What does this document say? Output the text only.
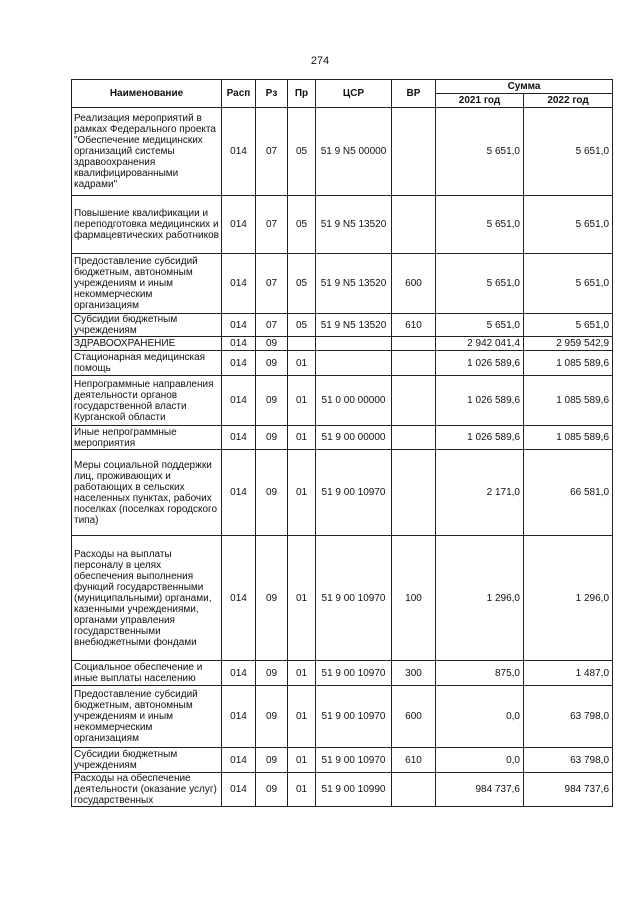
274
Наименование	Расп	Рз	Пр	ЦСР	ВР	Сумма	
						2021 год	2022 год
Реализация мероприятий в рамках Федерального проекта "Обеспечение медицинских организаций системы здравоохранения квалифицированными кадрами"	014	07	05	51 9 N5 00000		5 651,0	5 651,0
Повышение квалификации и переподготовка медицинских и фармацевтических работников	014	07	05	51 9 N5 13520		5 651,0	5 651,0
Предоставление субсидий бюджетным, автономным учреждениям и иным некоммерческим организациям	014	07	05	51 9 N5 13520	600	5 651,0	5 651,0
Субсидии бюджетным учреждениям	014	07	05	51 9 N5 13520	610	5 651,0	5 651,0
ЗДРАВООХРАНЕНИЕ	014	09				2 942 041,4	2 959 542,9
Стационарная медицинская помощь	014	09	01			1 026 589,6	1 085 589,6
Непрограммные направления деятельности органов государственной власти Курганской области	014	09	01	51 0 00 00000		1 026 589,6	1 085 589,6
Иные непрограммные мероприятия	014	09	01	51 9 00 00000		1 026 589,6	1 085 589,6
Меры социальной поддержки лиц, проживающих и работающих в сельских населенных пунктах, рабочих поселках (поселках городского типа)	014	09	01	51 9 00 10970		2 171,0	66 581,0
Расходы на выплаты персоналу в целях обеспечения выполнения функций государственными (муниципальными) органами, казенными учреждениями, органами управления государственными внебюджетными фондами	014	09	01	51 9 00 10970	100	1 296,0	1 296,0
Социальное обеспечение и иные выплаты населению	014	09	01	51 9 00 10970	300	875,0	1 487,0
Предоставление субсидий бюджетным, автономным учреждениям и иным некоммерческим организациям	014	09	01	51 9 00 10970	600	0,0	63 798,0
Субсидии бюджетным учреждениям	014	09	01	51 9 00 10970	610	0,0	63 798,0
Расходы на обеспечение деятельности (оказание услуг) государственных	014	09	01	51 9 00 10990		984 737,6	984 737,6
